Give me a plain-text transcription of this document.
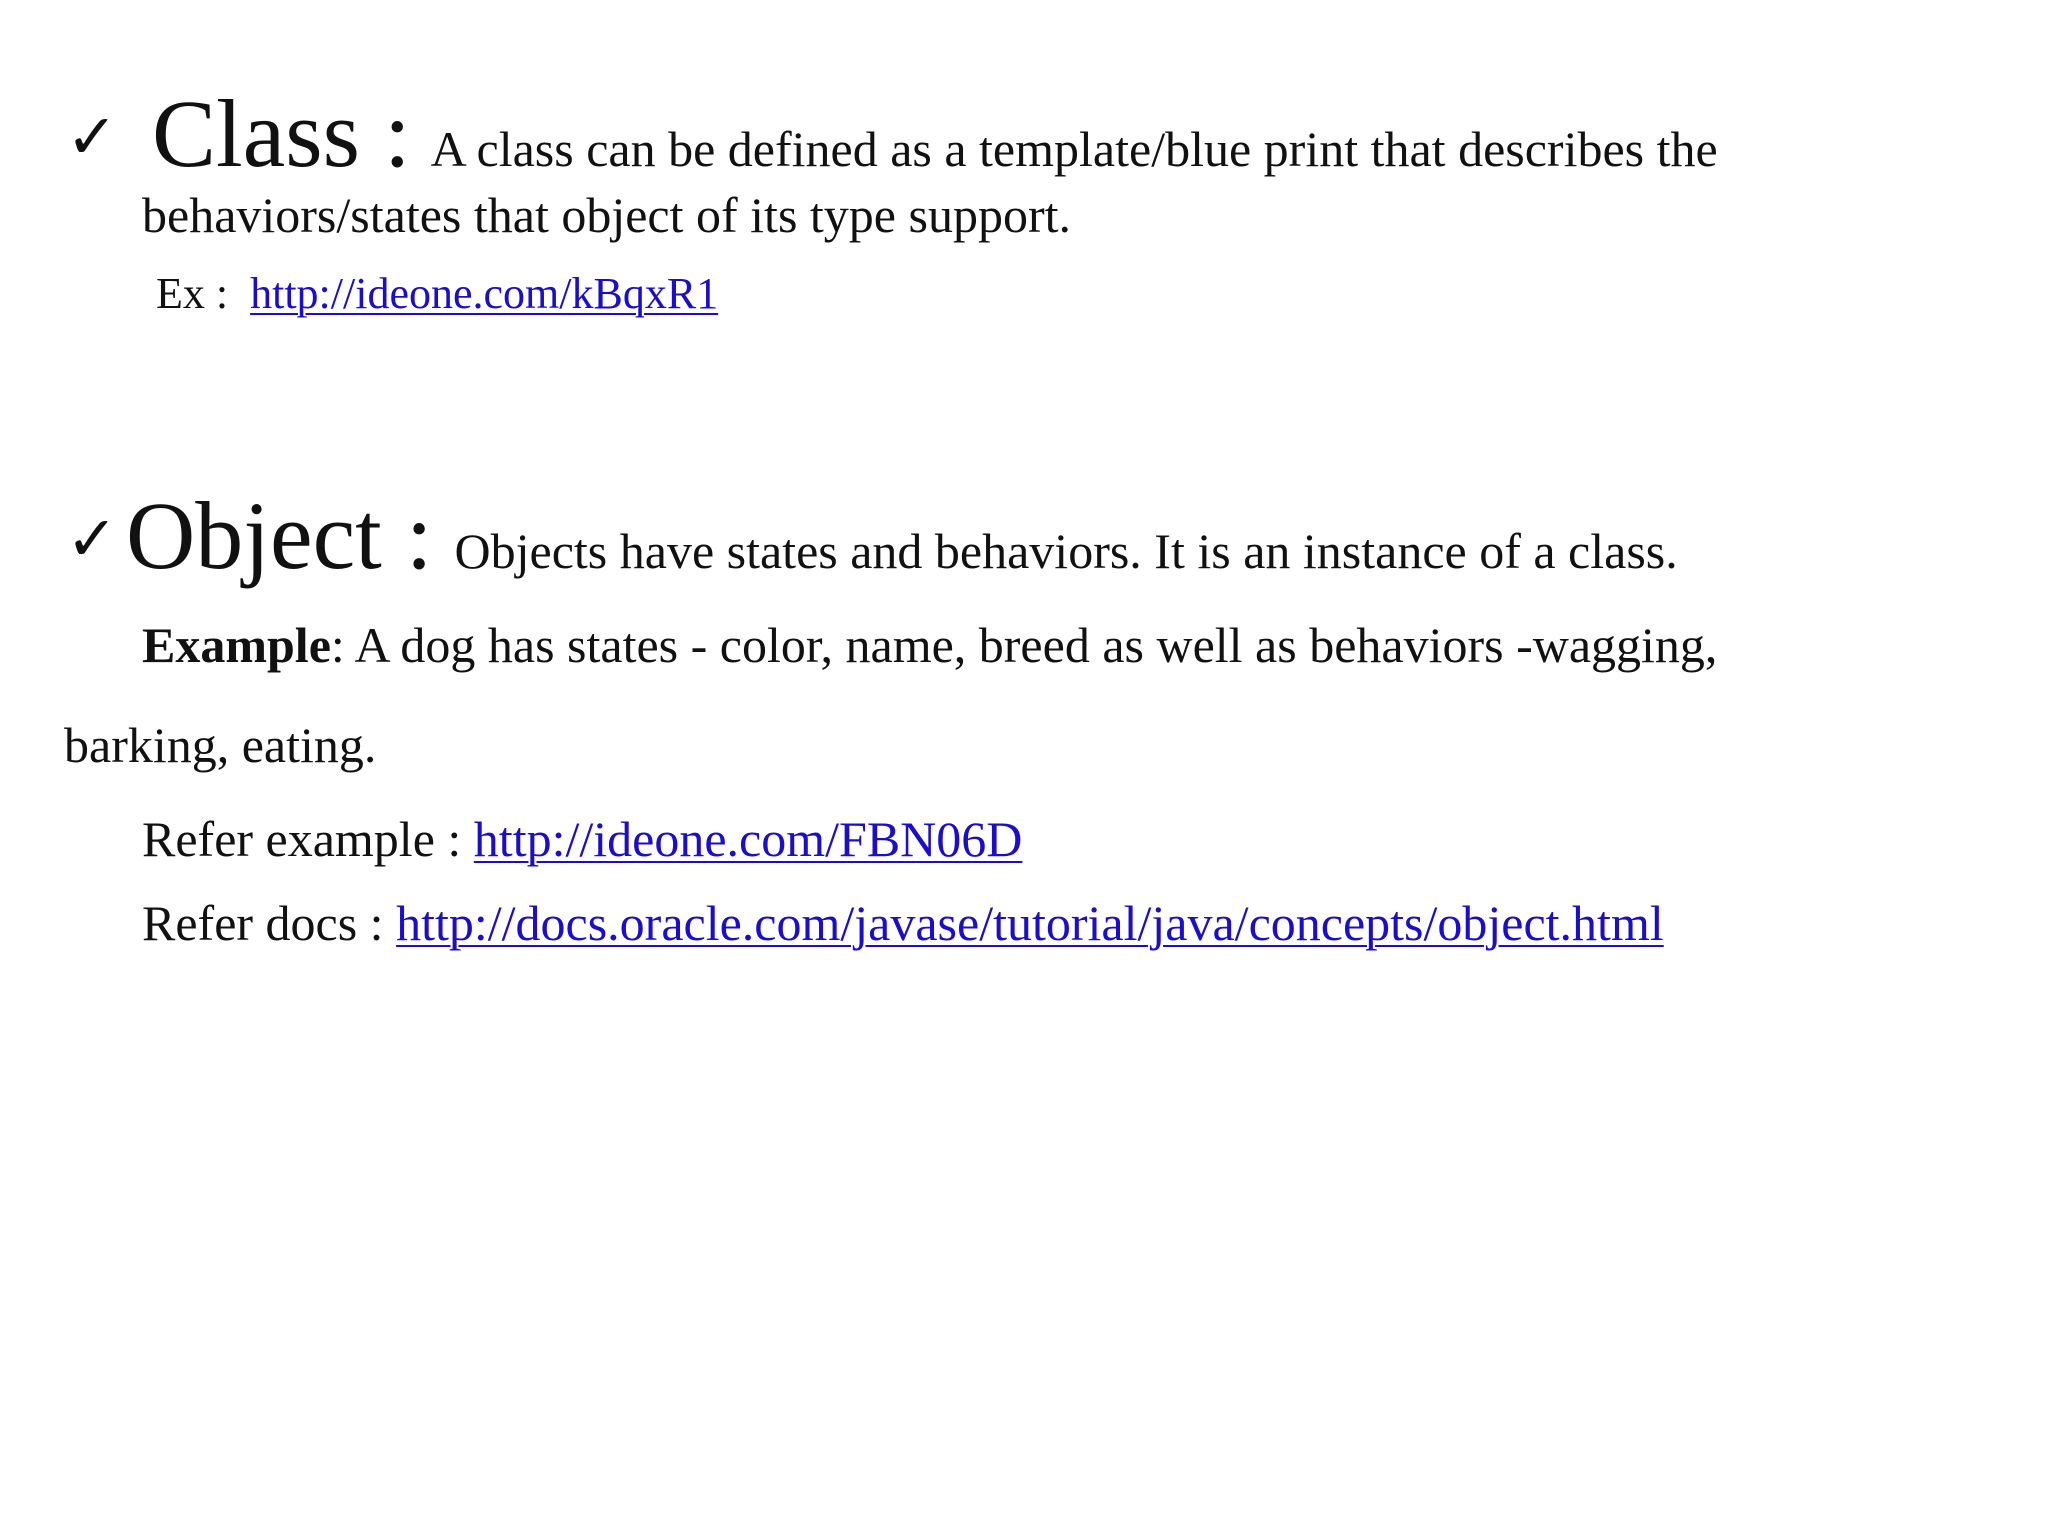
✓ Class : A class can be defined as a template/blue print that describes the
behaviors/states that object of its type support.
Ex : http://ideone.com/kBqxR1
✓Object : Objects have states and behaviors. It is an instance of a class.
Example: A dog has states - color, name, breed as well as behaviors -wagging,
barking, eating.
Refer example : http://ideone.com/FBN06D
Refer docs : http://docs.oracle.com/javase/tutorial/java/concepts/object.html
